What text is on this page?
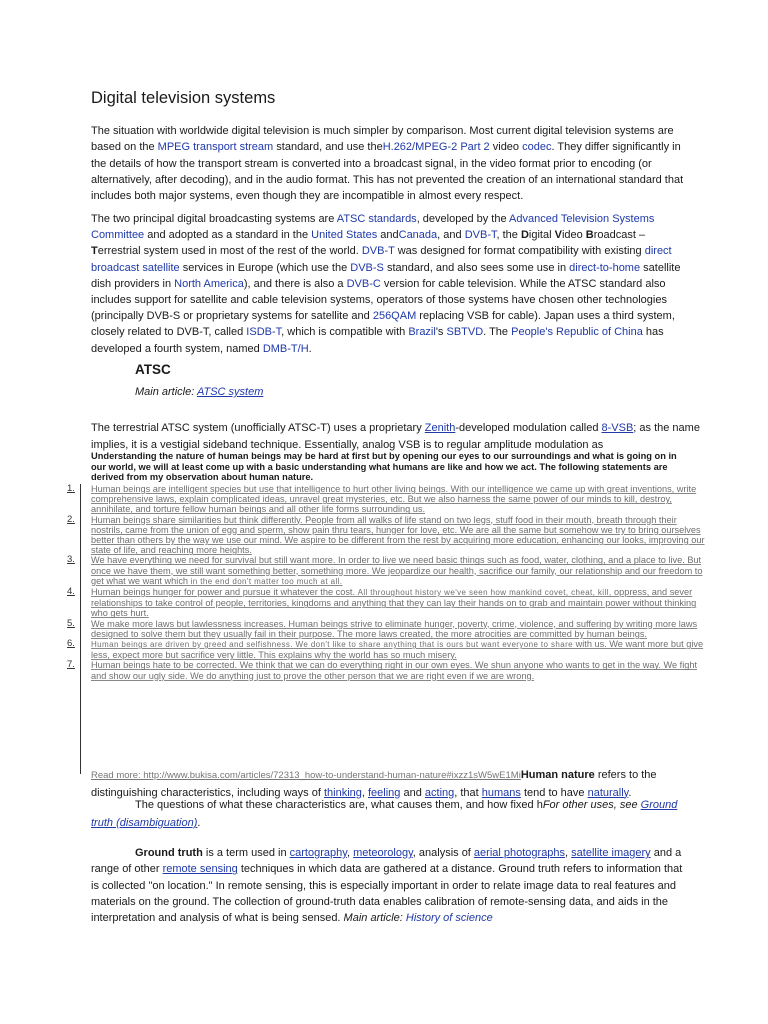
Digital television systems

The situation with worldwide digital television is much simpler by comparison. Most current digital television systems are based on the MPEG transport stream standard, and use theH.262/MPEG-2 Part 2 video codec. They differ significantly in the details of how the transport stream is converted into a broadcast signal, in the video format prior to encoding (or alternatively, after decoding), and in the audio format. This has not prevented the creation of an international standard that includes both major systems, even though they are incompatible in almost every respect.

The two principal digital broadcasting systems are ATSC standards, developed by the Advanced Television Systems Committee and adopted as a standard in the United States andCanada, and DVB-T, the Digital Video Broadcast – Terrestrial system used in most of the rest of the world. DVB-T was designed for format compatibility with existing direct broadcast satellite services in Europe (which use the DVB-S standard, and also sees some use in direct-to-home satellite dish providers in North America), and there is also a DVB-C version for cable television. While the ATSC standard also includes support for satellite and cable television systems, operators of those systems have chosen other technologies (principally DVB-S or proprietary systems for satellite and 256QAM replacing VSB for cable). Japan uses a third system, closely related to DVB-T, called ISDB-T, which is compatible with Brazil's SBTVD. The People's Republic of China has developed a fourth system, named DMB-T/H.

ATSC
Main article: ATSC system

The terrestrial ATSC system (unofficially ATSC-T) uses a proprietary Zenith-developed modulation called 8-VSB; as the name implies, it is a vestigial sideband technique. Essentially, analog VSB is to regular amplitude modulation as

Understanding the nature of human beings may be hard at first but by opening our eyes to our surroundings and what is going on in our world, we will at least come up with a basic understanding what humans are like and how we act. The following statements are derived from my observation about human nature.

1. Human beings are intelligent species but use that intelligence to hurt other living beings. With our intelligence we came up with great inventions, write comprehensive laws, explain complicated ideas, unravel great mysteries, etc. But we also harness the same power of our minds to kill, destroy, annihilate, and torture fellow human beings and all other life forms surrounding us.
2. Human beings share similarities but think differently. People from all walks of life stand on two legs, stuff food in their mouth, breath through their nostrils, came from the union of egg and sperm, show pain thru tears, hunger for love, etc. We are all the same but somehow we try to bring ourselves better than others by the way we use our mind. We aspire to be different from the rest by acquiring more education, enhancing our looks, improving our state of life, and reaching more heights.
3. We have everything we need for survival but still want more. In order to live we need basic things such as food, water, clothing, and a place to live. But once we have them, we still want something better, something more. We jeopardize our health, sacrifice our family, our relationship and our freedom to get what we want which in the end don't matter too much at all.
4. Human beings hunger for power and pursue it whatever the cost. All throughout history we've seen how mankind covet, cheat, kill, oppress, and sever relationships to take control of people, territories, kingdoms and anything that they can lay their hands on to grab and maintain power without thinking who gets hurt.
5. We make more laws but lawlessness increases. Human beings strive to eliminate hunger, poverty, crime, violence, and suffering by writing more laws designed to solve them but they usually fail in their purpose. The more laws created, the more atrocities are committed by human beings.
6. Human beings are driven by greed and selfishness. We don't like to share anything that is ours but want everyone to share with us. We want more but give less, expect more but sacrifice very little. This explains why the world has so much misery.
7. Human beings hate to be corrected. We think that we can do everything right in our own eyes. We shun anyone who wants to get in the way. We fight and show our ugly side. We do anything just to prove the other person that we are right even if we are wrong.

Read more: http://www.bukisa.com/articles/72313_how-to-understand-human-nature#ixzz1sW5wE1MiHuman nature refers to the distinguishing characteristics, including ways of thinking, feeling and acting, that humans tend to have naturally.

The questions of what these characteristics are, what causes them, and how fixed hFor other uses, see Ground truth (disambiguation).

Ground truth is a term used in cartography, meteorology, analysis of aerial photographs, satellite imagery and a range of other remote sensing techniques in which data are gathered at a distance. Ground truth refers to information that is collected "on location." In remote sensing, this is especially important in order to relate image data to real features and materials on the ground. The collection of ground-truth data enables calibration of remote-sensing data, and aids in the interpretation and analysis of what is being sensed. Main article: History of science
